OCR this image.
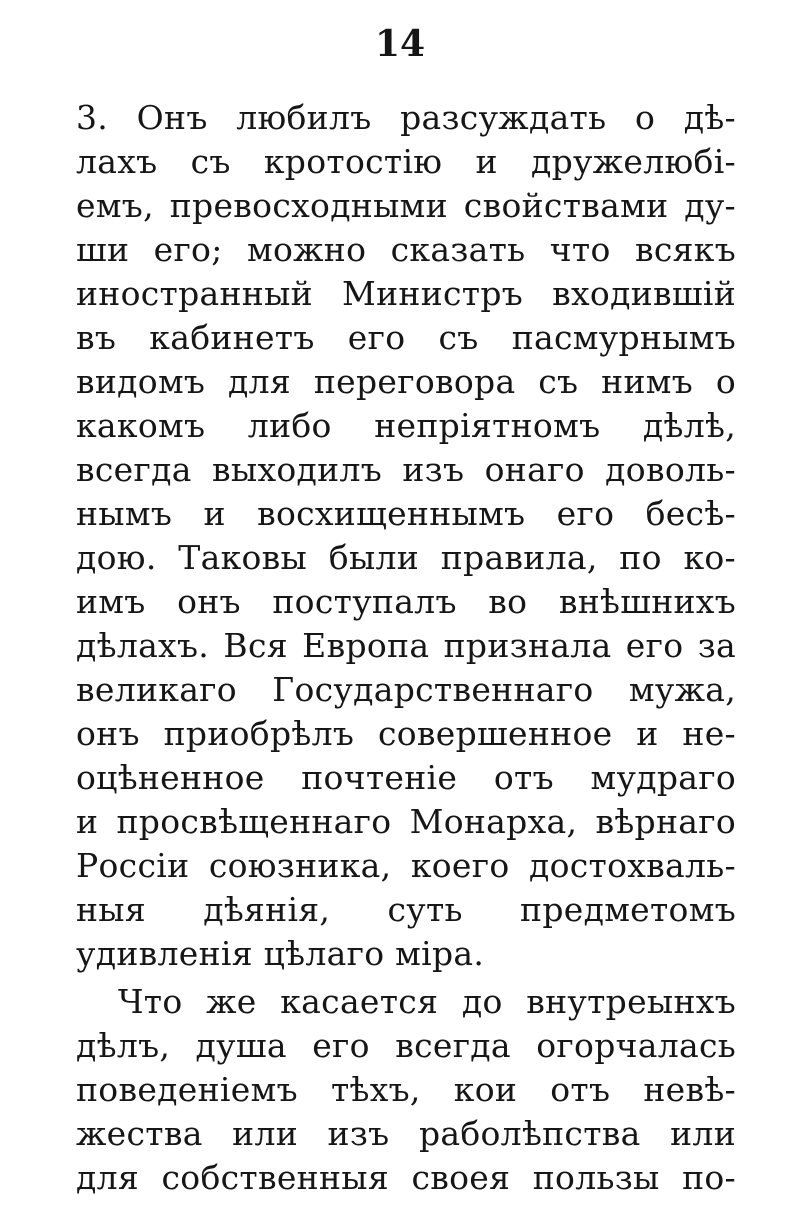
14
3. Онъ любилъ разсуждать о дѣ-
лахъ съ кротостію и дружелюбі-
емъ, превосходными свойствами ду-
ши его; можно сказать что всякъ
иностранный Министръ входившій
въ кабинетъ его съ пасмурнымъ
видомъ для переговора съ нимъ о
какомъ либо непріятномъ дѣлѣ,
всегда выходилъ изъ онаго доволь-
нымъ и восхищеннымъ его бесѣ-
дою. Таковы были правила, по ко-
имъ онъ поступалъ во внѣшнихъ
дѣлахъ. Вся Европа признала его за
великаго Государственнаго мужа,
онъ приобрѣлъ совершенное и не-
оцѣненное почтеніе отъ мудраго
и просвѣщеннаго Монарха, вѣрнаго
Россіи союзника, коего достохваль-
ныя дѣянія, суть предметомъ
удивленія цѣлаго міра.
Что же касается до внутреынхъ
дѣлъ, душа его всегда огорчалась
поведеніемъ тѣхъ, кои отъ невѣ-
жества или изъ раболѣпства или
для собственныя своея пользы по-
